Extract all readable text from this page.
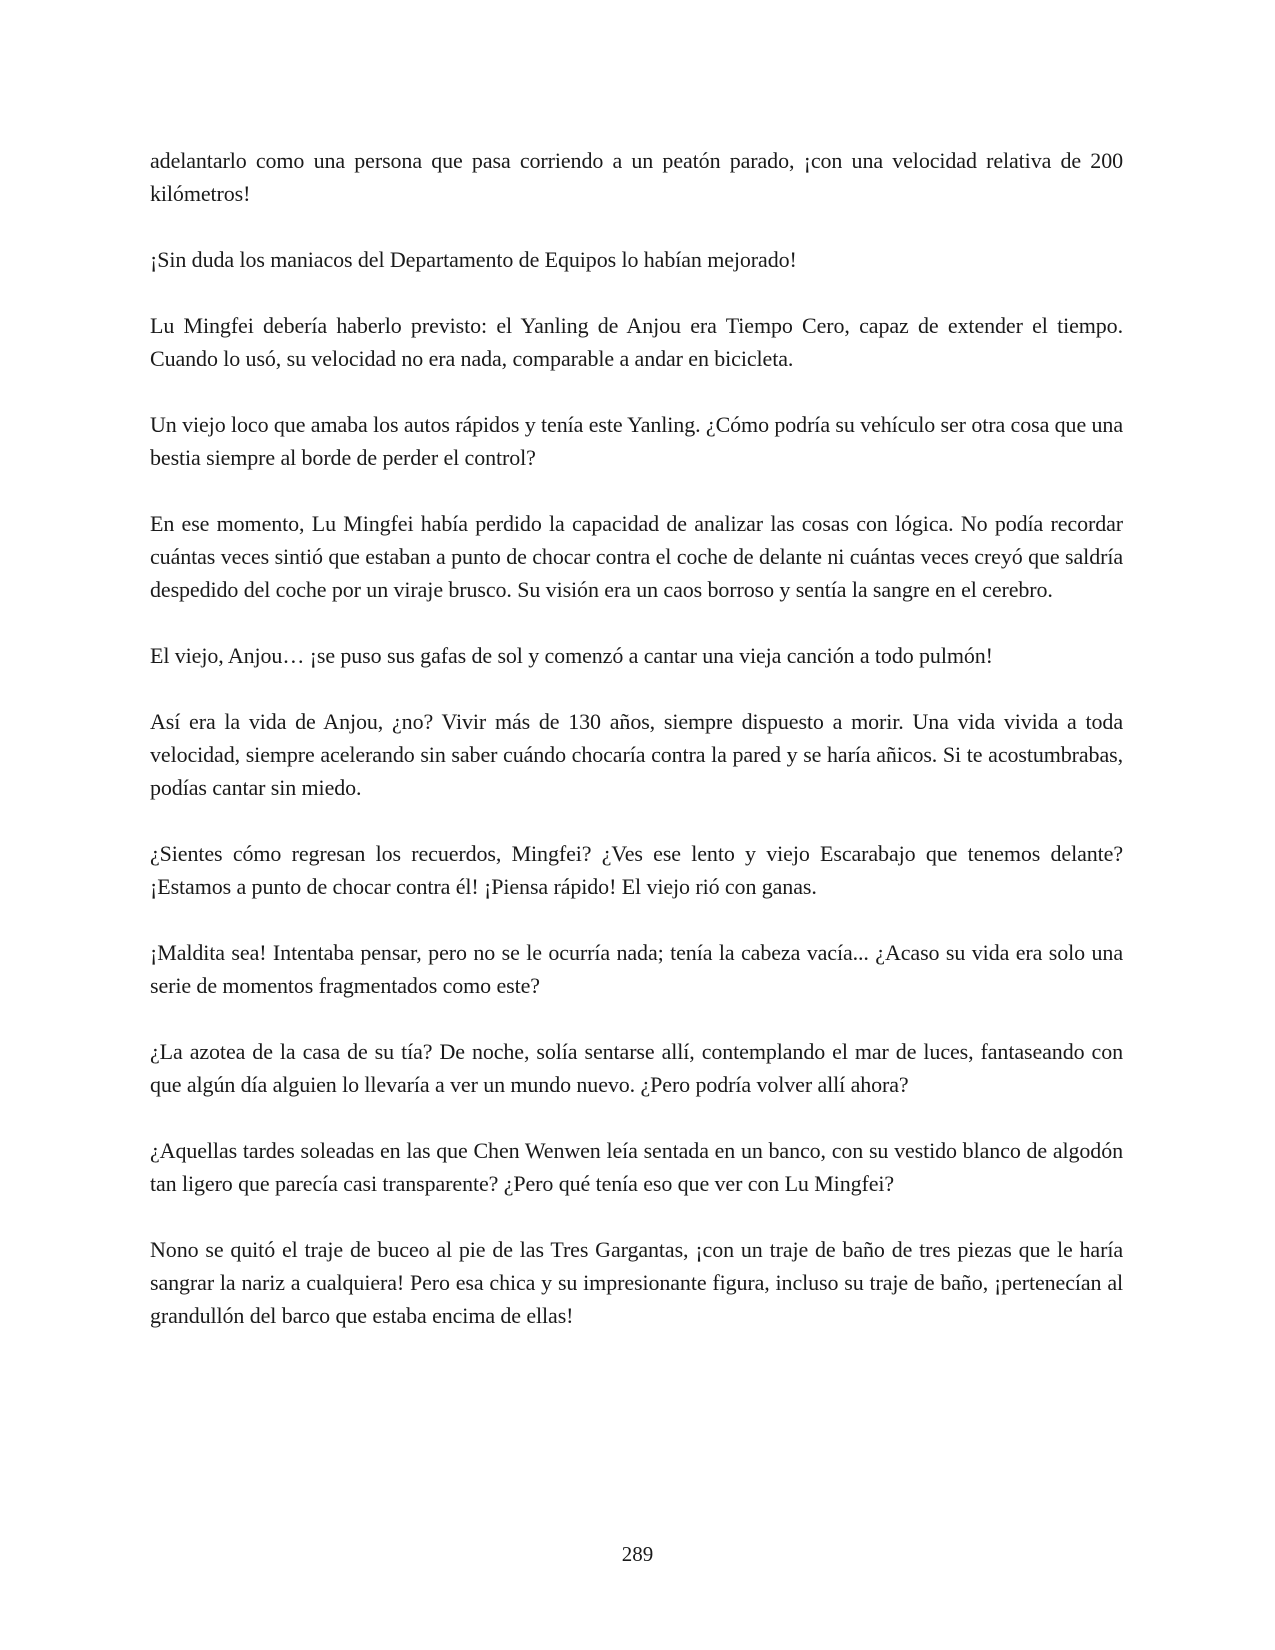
adelantarlo como una persona que pasa corriendo a un peatón parado, ¡con una velocidad relativa de 200 kilómetros!

¡Sin duda los maniacos del Departamento de Equipos lo habían mejorado!

Lu Mingfei debería haberlo previsto: el Yanling de Anjou era Tiempo Cero, capaz de extender el tiempo. Cuando lo usó, su velocidad no era nada, comparable a andar en bicicleta.

Un viejo loco que amaba los autos rápidos y tenía este Yanling. ¿Cómo podría su vehículo ser otra cosa que una bestia siempre al borde de perder el control?

En ese momento, Lu Mingfei había perdido la capacidad de analizar las cosas con lógica. No podía recordar cuántas veces sintió que estaban a punto de chocar contra el coche de delante ni cuántas veces creyó que saldría despedido del coche por un viraje brusco. Su visión era un caos borroso y sentía la sangre en el cerebro.

El viejo, Anjou… ¡se puso sus gafas de sol y comenzó a cantar una vieja canción a todo pulmón!

Así era la vida de Anjou, ¿no? Vivir más de 130 años, siempre dispuesto a morir. Una vida vivida a toda velocidad, siempre acelerando sin saber cuándo chocaría contra la pared y se haría añicos. Si te acostumbrabas, podías cantar sin miedo.

¿Sientes cómo regresan los recuerdos, Mingfei? ¿Ves ese lento y viejo Escarabajo que tenemos delante? ¡Estamos a punto de chocar contra él! ¡Piensa rápido! El viejo rió con ganas.

¡Maldita sea! Intentaba pensar, pero no se le ocurría nada; tenía la cabeza vacía... ¿Acaso su vida era solo una serie de momentos fragmentados como este?

¿La azotea de la casa de su tía? De noche, solía sentarse allí, contemplando el mar de luces, fantaseando con que algún día alguien lo llevaría a ver un mundo nuevo. ¿Pero podría volver allí ahora?

¿Aquellas tardes soleadas en las que Chen Wenwen leía sentada en un banco, con su vestido blanco de algodón tan ligero que parecía casi transparente? ¿Pero qué tenía eso que ver con Lu Mingfei?

Nono se quitó el traje de buceo al pie de las Tres Gargantas, ¡con un traje de baño de tres piezas que le haría sangrar la nariz a cualquiera! Pero esa chica y su impresionante figura, incluso su traje de baño, ¡pertenecían al grandullón del barco que estaba encima de ellas!

289
